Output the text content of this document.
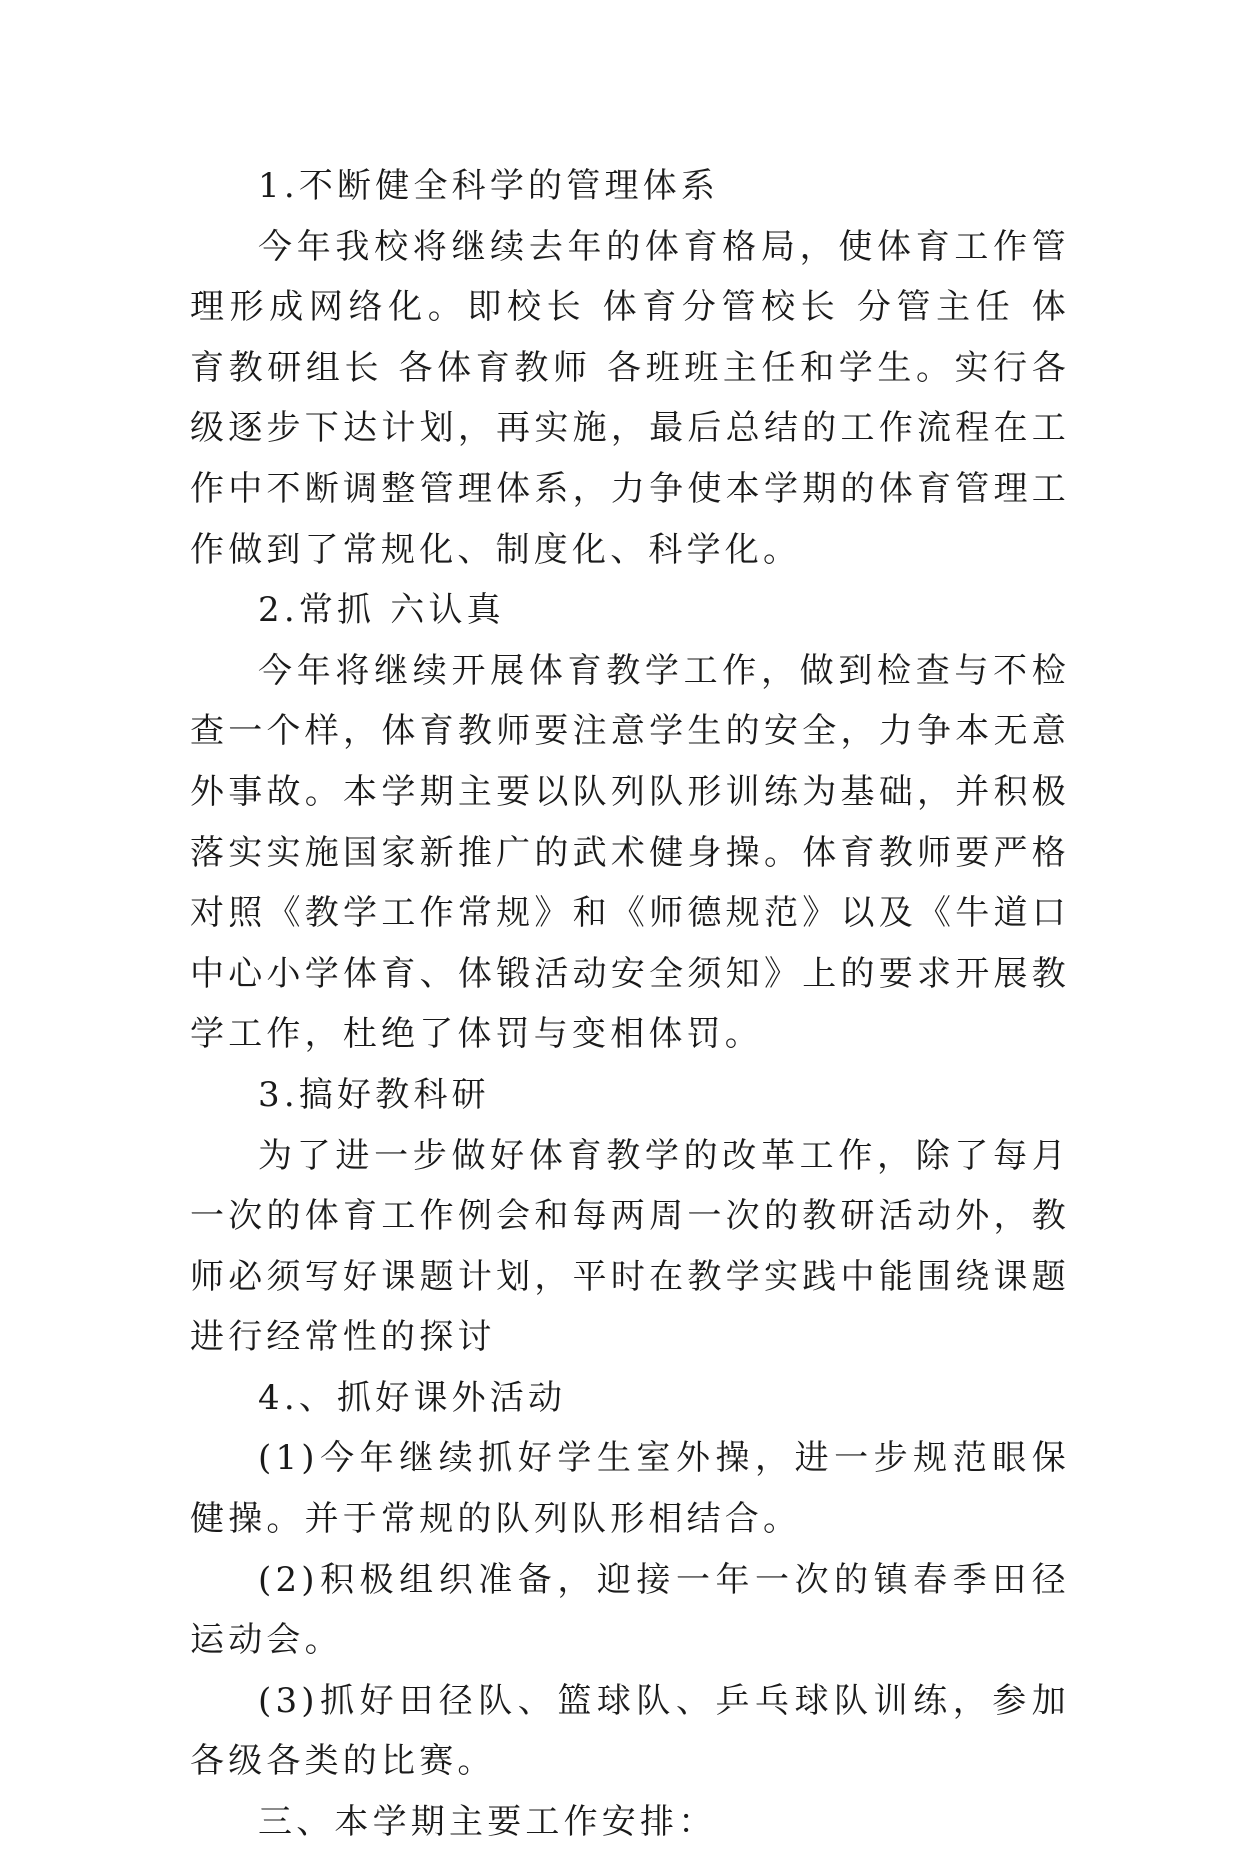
1.不断健全科学的管理体系

今年我校将继续去年的体育格局，使体育工作管理形成网络化。即校长 体育分管校长 分管主任 体育教研组长 各体育教师 各班班主任和学生。实行各级逐步下达计划，再实施，最后总结的工作流程在工作中不断调整管理体系，力争使本学期的体育管理工作做到了常规化、制度化、科学化。

2.常抓 六认真

今年将继续开展体育教学工作，做到检查与不检查一个样，体育教师要注意学生的安全，力争本无意外事故。本学期主要以队列队形训练为基础，并积极落实实施国家新推广的武术健身操。体育教师要严格对照《教学工作常规》和《师德规范》以及《牛道口中心小学体育、体锻活动安全须知》上的要求开展教学工作，杜绝了体罚与变相体罚。

3.搞好教科研

为了进一步做好体育教学的改革工作，除了每月一次的体育工作例会和每两周一次的教研活动外，教师必须写好课题计划，平时在教学实践中能围绕课题进行经常性的探讨

4.、抓好课外活动

(1)今年继续抓好学生室外操，进一步规范眼保健操。并于常规的队列队形相结合。

(2)积极组织准备，迎接一年一次的镇春季田径运动会。

(3)抓好田径队、篮球队、乒乓球队训练，参加各级各类的比赛。

三、本学期主要工作安排：
